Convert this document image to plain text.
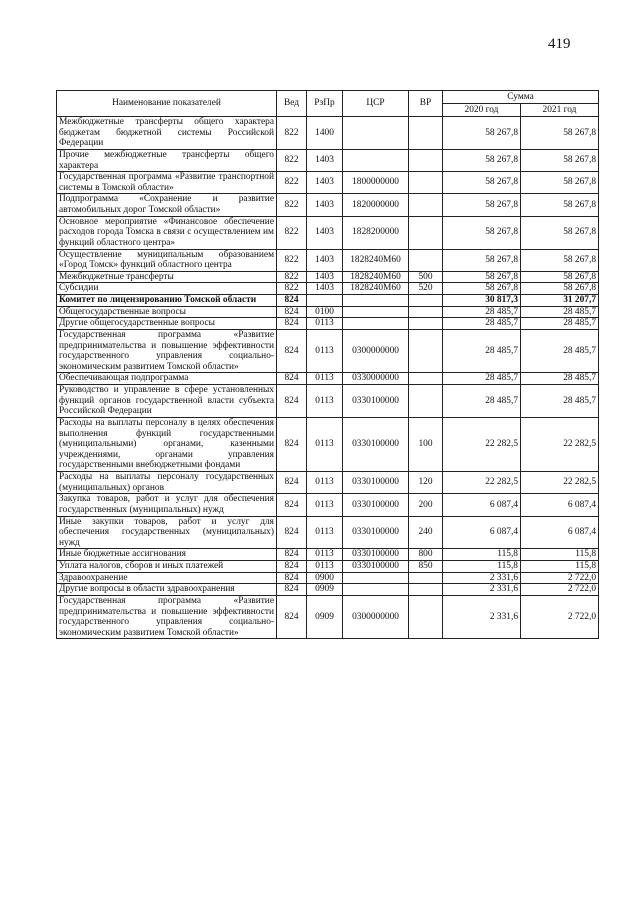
419
Наименование показателей	Вед	РзПр	ЦСР	ВР	Сумма	
					2020 год	2021 год
Межбюджетные трансферты общего характера бюджетам бюджетной системы Российской Федерации	822	1400			58 267,8	58 267,8
Прочие межбюджетные трансферты общего характера	822	1403			58 267,8	58 267,8
Государственная программа «Развитие транспортной системы в Томской области»	822	1403	1800000000		58 267,8	58 267,8
Подпрограмма «Сохранение и развитие автомобильных дорог Томской области»	822	1403	1820000000		58 267,8	58 267,8
Основное мероприятие «Финансовое обеспечение расходов города Томска в связи с осуществлением им функций областного центра»	822	1403	1828200000		58 267,8	58 267,8
Осуществление муниципальным образованием «Город Томск» функций областного центра	822	1403	1828240М60		58 267,8	58 267,8
Межбюджетные трансферты	822	1403	1828240М60	500	58 267,8	58 267,8
Субсидии	822	1403	1828240М60	520	58 267,8	58 267,8
Комитет по лицензированию Томской области	824				30 817,3	31 207,7
Общегосударственные вопросы	824	0100			28 485,7	28 485,7
Другие общегосударственные вопросы	824	0113			28 485,7	28 485,7
Государственная программа «Развитие предпринимательства и повышение эффективности государственного управления социально-экономическим развитием Томской области»	824	0113	0300000000		28 485,7	28 485,7
Обеспечивающая подпрограмма	824	0113	0330000000		28 485,7	28 485,7
Руководство и управление в сфере установленных функций органов государственной власти субъекта Российской Федерации	824	0113	0330100000		28 485,7	28 485,7
Расходы на выплаты персоналу в целях обеспечения выполнения функций государственными (муниципальными) органами, казенными учреждениями, органами управления государственными внебюджетными фондами	824	0113	0330100000	100	22 282,5	22 282,5
Расходы на выплаты персоналу государственных (муниципальных) органов	824	0113	0330100000	120	22 282,5	22 282,5
Закупка товаров, работ и услуг для обеспечения государственных (муниципальных) нужд	824	0113	0330100000	200	6 087,4	6 087,4
Иные закупки товаров, работ и услуг для обеспечения государственных (муниципальных) нужд	824	0113	0330100000	240	6 087,4	6 087,4
Иные бюджетные ассигнования	824	0113	0330100000	800	115,8	115,8
Уплата налогов, сборов и иных платежей	824	0113	0330100000	850	115,8	115,8
Здравоохранение	824	0900			2 331,6	2 722,0
Другие вопросы в области здравоохранения	824	0909			2 331,6	2 722,0
Государственная программа «Развитие предпринимательства и повышение эффективности государственного управления социально-экономическим развитием Томской области»	824	0909	0300000000		2 331,6	2 722,0
